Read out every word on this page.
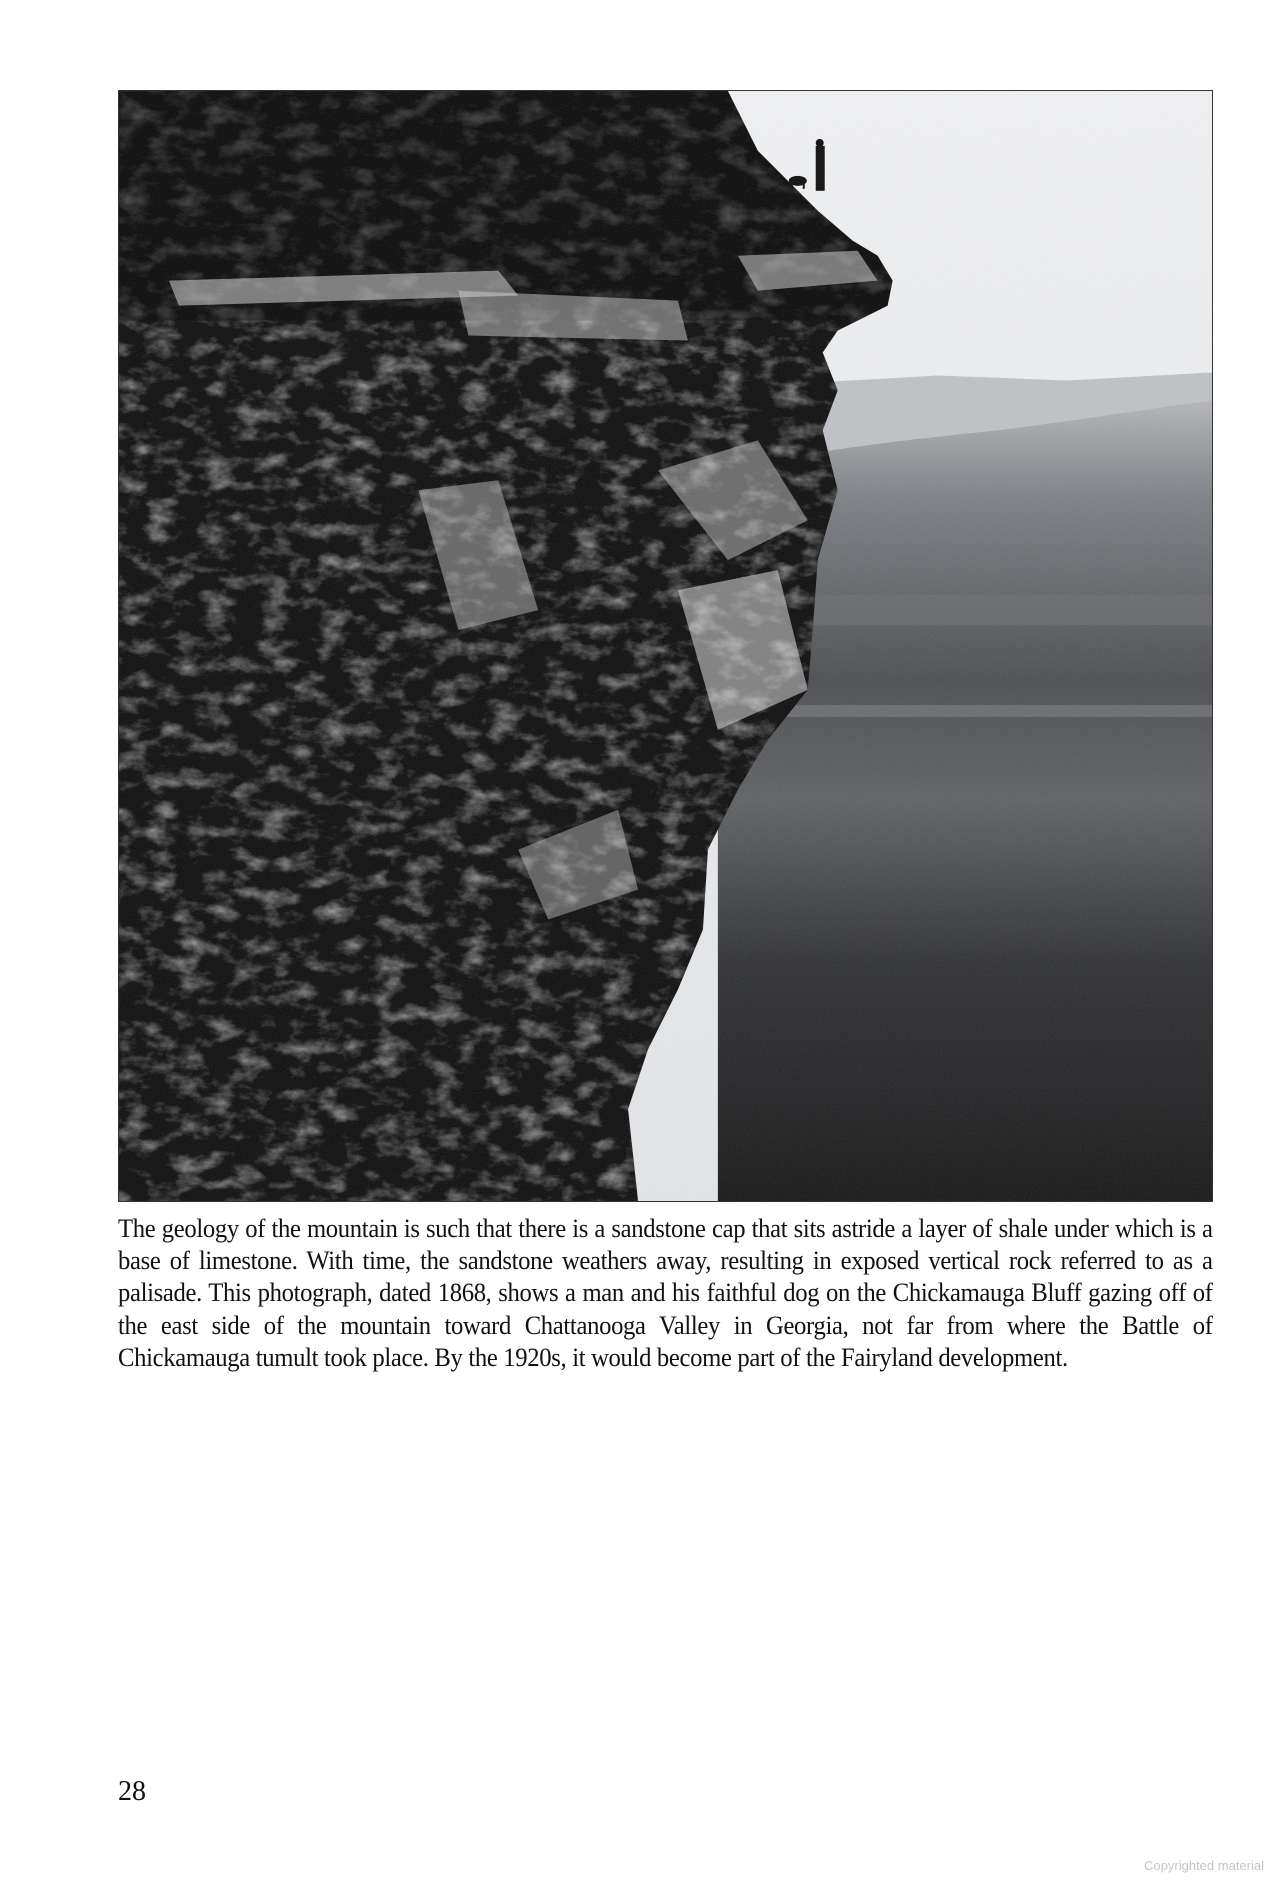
The geology of the mountain is such that there is a sandstone cap that sits astride a layer of shale under which is a base of limestone. With time, the sandstone weathers away, resulting in exposed vertical rock referred to as a palisade. This photograph, dated 1868, shows a man and his faithful dog on the Chickamauga Bluff gazing off of the east side of the mountain toward Chattanooga Valley in Georgia, not far from where the Battle of Chickamauga tumult took place. By the 1920s, it would become part of the Fairyland development.
28
Copyrighted material
